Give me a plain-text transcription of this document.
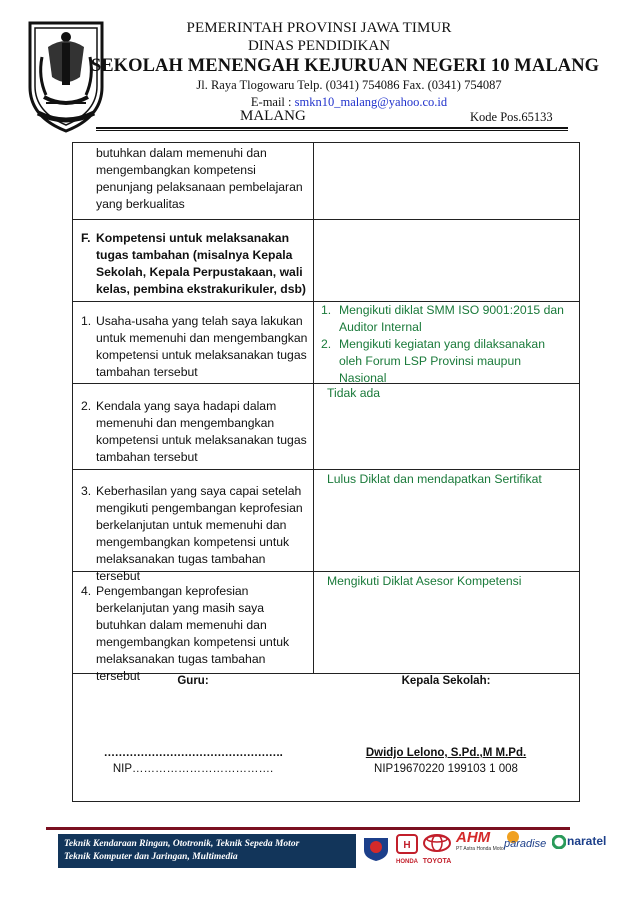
PEMERINTAH PROVINSI JAWA TIMUR
DINAS PENDIDIKAN
SEKOLAH MENENGAH KEJURUAN NEGERI 10 MALANG
Jl. Raya Tlogowaru Telp. (0341) 754086 Fax. (0341) 754087
E-mail : smkn10_malang@yahoo.co.id
MALANG	Kode Pos.65133
butuhkan dalam memenuhi dan mengembangkan kompetensi penunjang pelaksanaan pembelajaran yang berkualitas
F. Kompetensi untuk melaksanakan tugas tambahan (misalnya Kepala Sekolah, Kepala Perpustakaan, wali kelas, pembina ekstrakurikuler, dsb)
1. Usaha-usaha yang telah saya lakukan untuk memenuhi dan mengembangkan kompetensi untuk melaksanakan tugas tambahan tersebut
1. Mengikuti diklat SMM ISO 9001:2015 dan Auditor Internal
2. Mengikuti kegiatan yang dilaksanakan oleh Forum LSP Provinsi maupun Nasional
2. Kendala yang saya hadapi dalam memenuhi dan mengembangkan kompetensi untuk melaksanakan tugas tambahan tersebut
Tidak ada
3. Keberhasilan yang saya capai setelah mengikuti pengembangan keprofesian berkelanjutan untuk memenuhi dan mengembangkan kompetensi untuk melaksanakan tugas tambahan tersebut
Lulus Diklat dan mendapatkan Sertifikat
4. Pengembangan keprofesian berkelanjutan yang masih saya butuhkan dalam memenuhi dan mengembangkan kompetensi untuk melaksanakan tugas tambahan tersebut
Mengikuti Diklat Asesor Kompetensi
Guru:
………………………………………….
NIP……………………………….
Kepala Sekolah:
Dwidjo Lelono, S.Pd.,M M.Pd.
NIP19670220 199103 1 008
Teknik Kendaraan Ringan, Ototronik, Teknik Sepeda Motor
Teknik Komputer dan Jaringan, Multimedia
H
HONDA TOYOTA
AHM
PT Astra Honda Motor
paradise naratel
